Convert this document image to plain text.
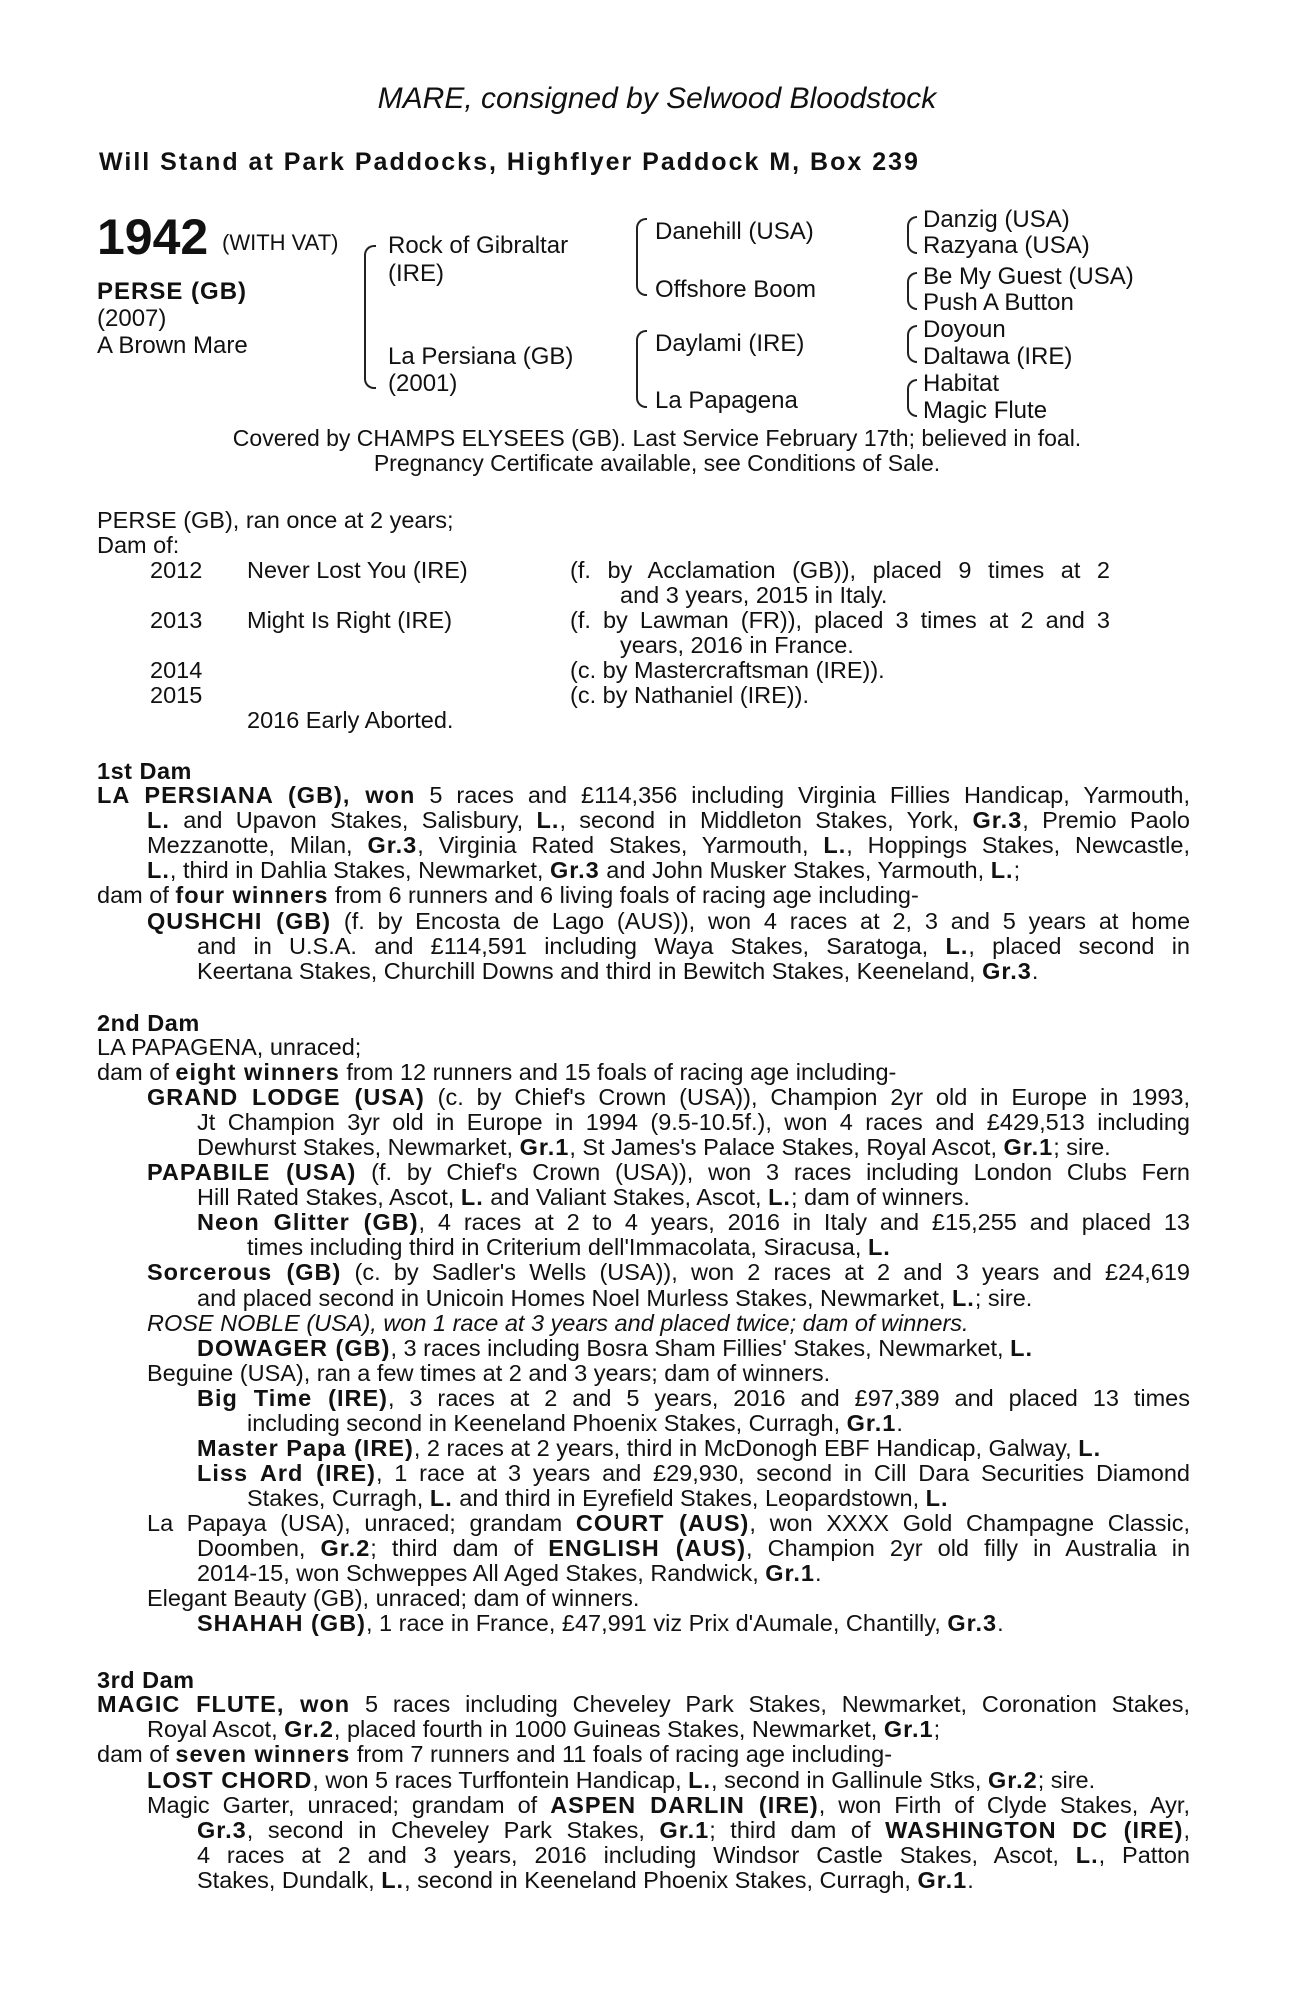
MARE, consigned by Selwood Bloodstock
Will Stand at Park Paddocks, Highflyer Paddock M, Box 239
1942 (WITH VAT)
PERSE (GB)
(2007)
A Brown Mare
Rock of Gibraltar
(IRE)
La Persiana (GB)
(2001)
Danehill (USA)
Offshore Boom
Daylami (IRE)
La Papagena
Danzig (USA)
Razyana (USA)
Be My Guest (USA)
Push A Button
Doyoun
Daltawa (IRE)
Habitat
Magic Flute
Covered by CHAMPS ELYSEES (GB). Last Service February 17th; believed in foal.
Pregnancy Certificate available, see Conditions of Sale.
PERSE (GB), ran once at 2 years;
Dam of:
2012 Never Lost You (IRE)	(f. by Acclamation (GB)), placed 9 times at 2
and 3 years, 2015 in Italy.
2013 Might Is Right (IRE)	(f. by Lawman (FR)), placed 3 times at 2 and 3
years, 2016 in France.
2014	(c. by Mastercraftsman (IRE)).
2015	(c. by Nathaniel (IRE)).
2016 Early Aborted.
1st Dam
LA PERSIANA (GB), won 5 races and £114,356 including Virginia Fillies Handicap, Yarmouth,
L. and Upavon Stakes, Salisbury, L., second in Middleton Stakes, York, Gr.3, Premio Paolo
Mezzanotte, Milan, Gr.3, Virginia Rated Stakes, Yarmouth, L., Hoppings Stakes, Newcastle,
L., third in Dahlia Stakes, Newmarket, Gr.3 and John Musker Stakes, Yarmouth, L.;
dam of four winners from 6 runners and 6 living foals of racing age including-
QUSHCHI (GB) (f. by Encosta de Lago (AUS)), won 4 races at 2, 3 and 5 years at home
and in U.S.A. and £114,591 including Waya Stakes, Saratoga, L., placed second in
Keertana Stakes, Churchill Downs and third in Bewitch Stakes, Keeneland, Gr.3.
2nd Dam
LA PAPAGENA, unraced;
dam of eight winners from 12 runners and 15 foals of racing age including-
GRAND LODGE (USA) (c. by Chief's Crown (USA)), Champion 2yr old in Europe in 1993,
Jt Champion 3yr old in Europe in 1994 (9.5-10.5f.), won 4 races and £429,513 including
Dewhurst Stakes, Newmarket, Gr.1, St James's Palace Stakes, Royal Ascot, Gr.1; sire.
PAPABILE (USA) (f. by Chief's Crown (USA)), won 3 races including London Clubs Fern
Hill Rated Stakes, Ascot, L. and Valiant Stakes, Ascot, L.; dam of winners.
Neon Glitter (GB), 4 races at 2 to 4 years, 2016 in Italy and £15,255 and placed 13
times including third in Criterium dell'Immacolata, Siracusa, L.
Sorcerous (GB) (c. by Sadler's Wells (USA)), won 2 races at 2 and 3 years and £24,619
and placed second in Unicoin Homes Noel Murless Stakes, Newmarket, L.; sire.
ROSE NOBLE (USA), won 1 race at 3 years and placed twice; dam of winners.
DOWAGER (GB), 3 races including Bosra Sham Fillies' Stakes, Newmarket, L.
Beguine (USA), ran a few times at 2 and 3 years; dam of winners.
Big Time (IRE), 3 races at 2 and 5 years, 2016 and £97,389 and placed 13 times
including second in Keeneland Phoenix Stakes, Curragh, Gr.1.
Master Papa (IRE), 2 races at 2 years, third in McDonogh EBF Handicap, Galway, L.
Liss Ard (IRE), 1 race at 3 years and £29,930, second in Cill Dara Securities Diamond
Stakes, Curragh, L. and third in Eyrefield Stakes, Leopardstown, L.
La Papaya (USA), unraced; grandam COURT (AUS), won XXXX Gold Champagne Classic,
Doomben, Gr.2; third dam of ENGLISH (AUS), Champion 2yr old filly in Australia in
2014-15, won Schweppes All Aged Stakes, Randwick, Gr.1.
Elegant Beauty (GB), unraced; dam of winners.
SHAHAH (GB), 1 race in France, £47,991 viz Prix d'Aumale, Chantilly, Gr.3.
3rd Dam
MAGIC FLUTE, won 5 races including Cheveley Park Stakes, Newmarket, Coronation Stakes,
Royal Ascot, Gr.2, placed fourth in 1000 Guineas Stakes, Newmarket, Gr.1;
dam of seven winners from 7 runners and 11 foals of racing age including-
LOST CHORD, won 5 races Turffontein Handicap, L., second in Gallinule Stks, Gr.2; sire.
Magic Garter, unraced; grandam of ASPEN DARLIN (IRE), won Firth of Clyde Stakes, Ayr,
Gr.3, second in Cheveley Park Stakes, Gr.1; third dam of WASHINGTON DC (IRE),
4 races at 2 and 3 years, 2016 including Windsor Castle Stakes, Ascot, L., Patton
Stakes, Dundalk, L., second in Keeneland Phoenix Stakes, Curragh, Gr.1.
